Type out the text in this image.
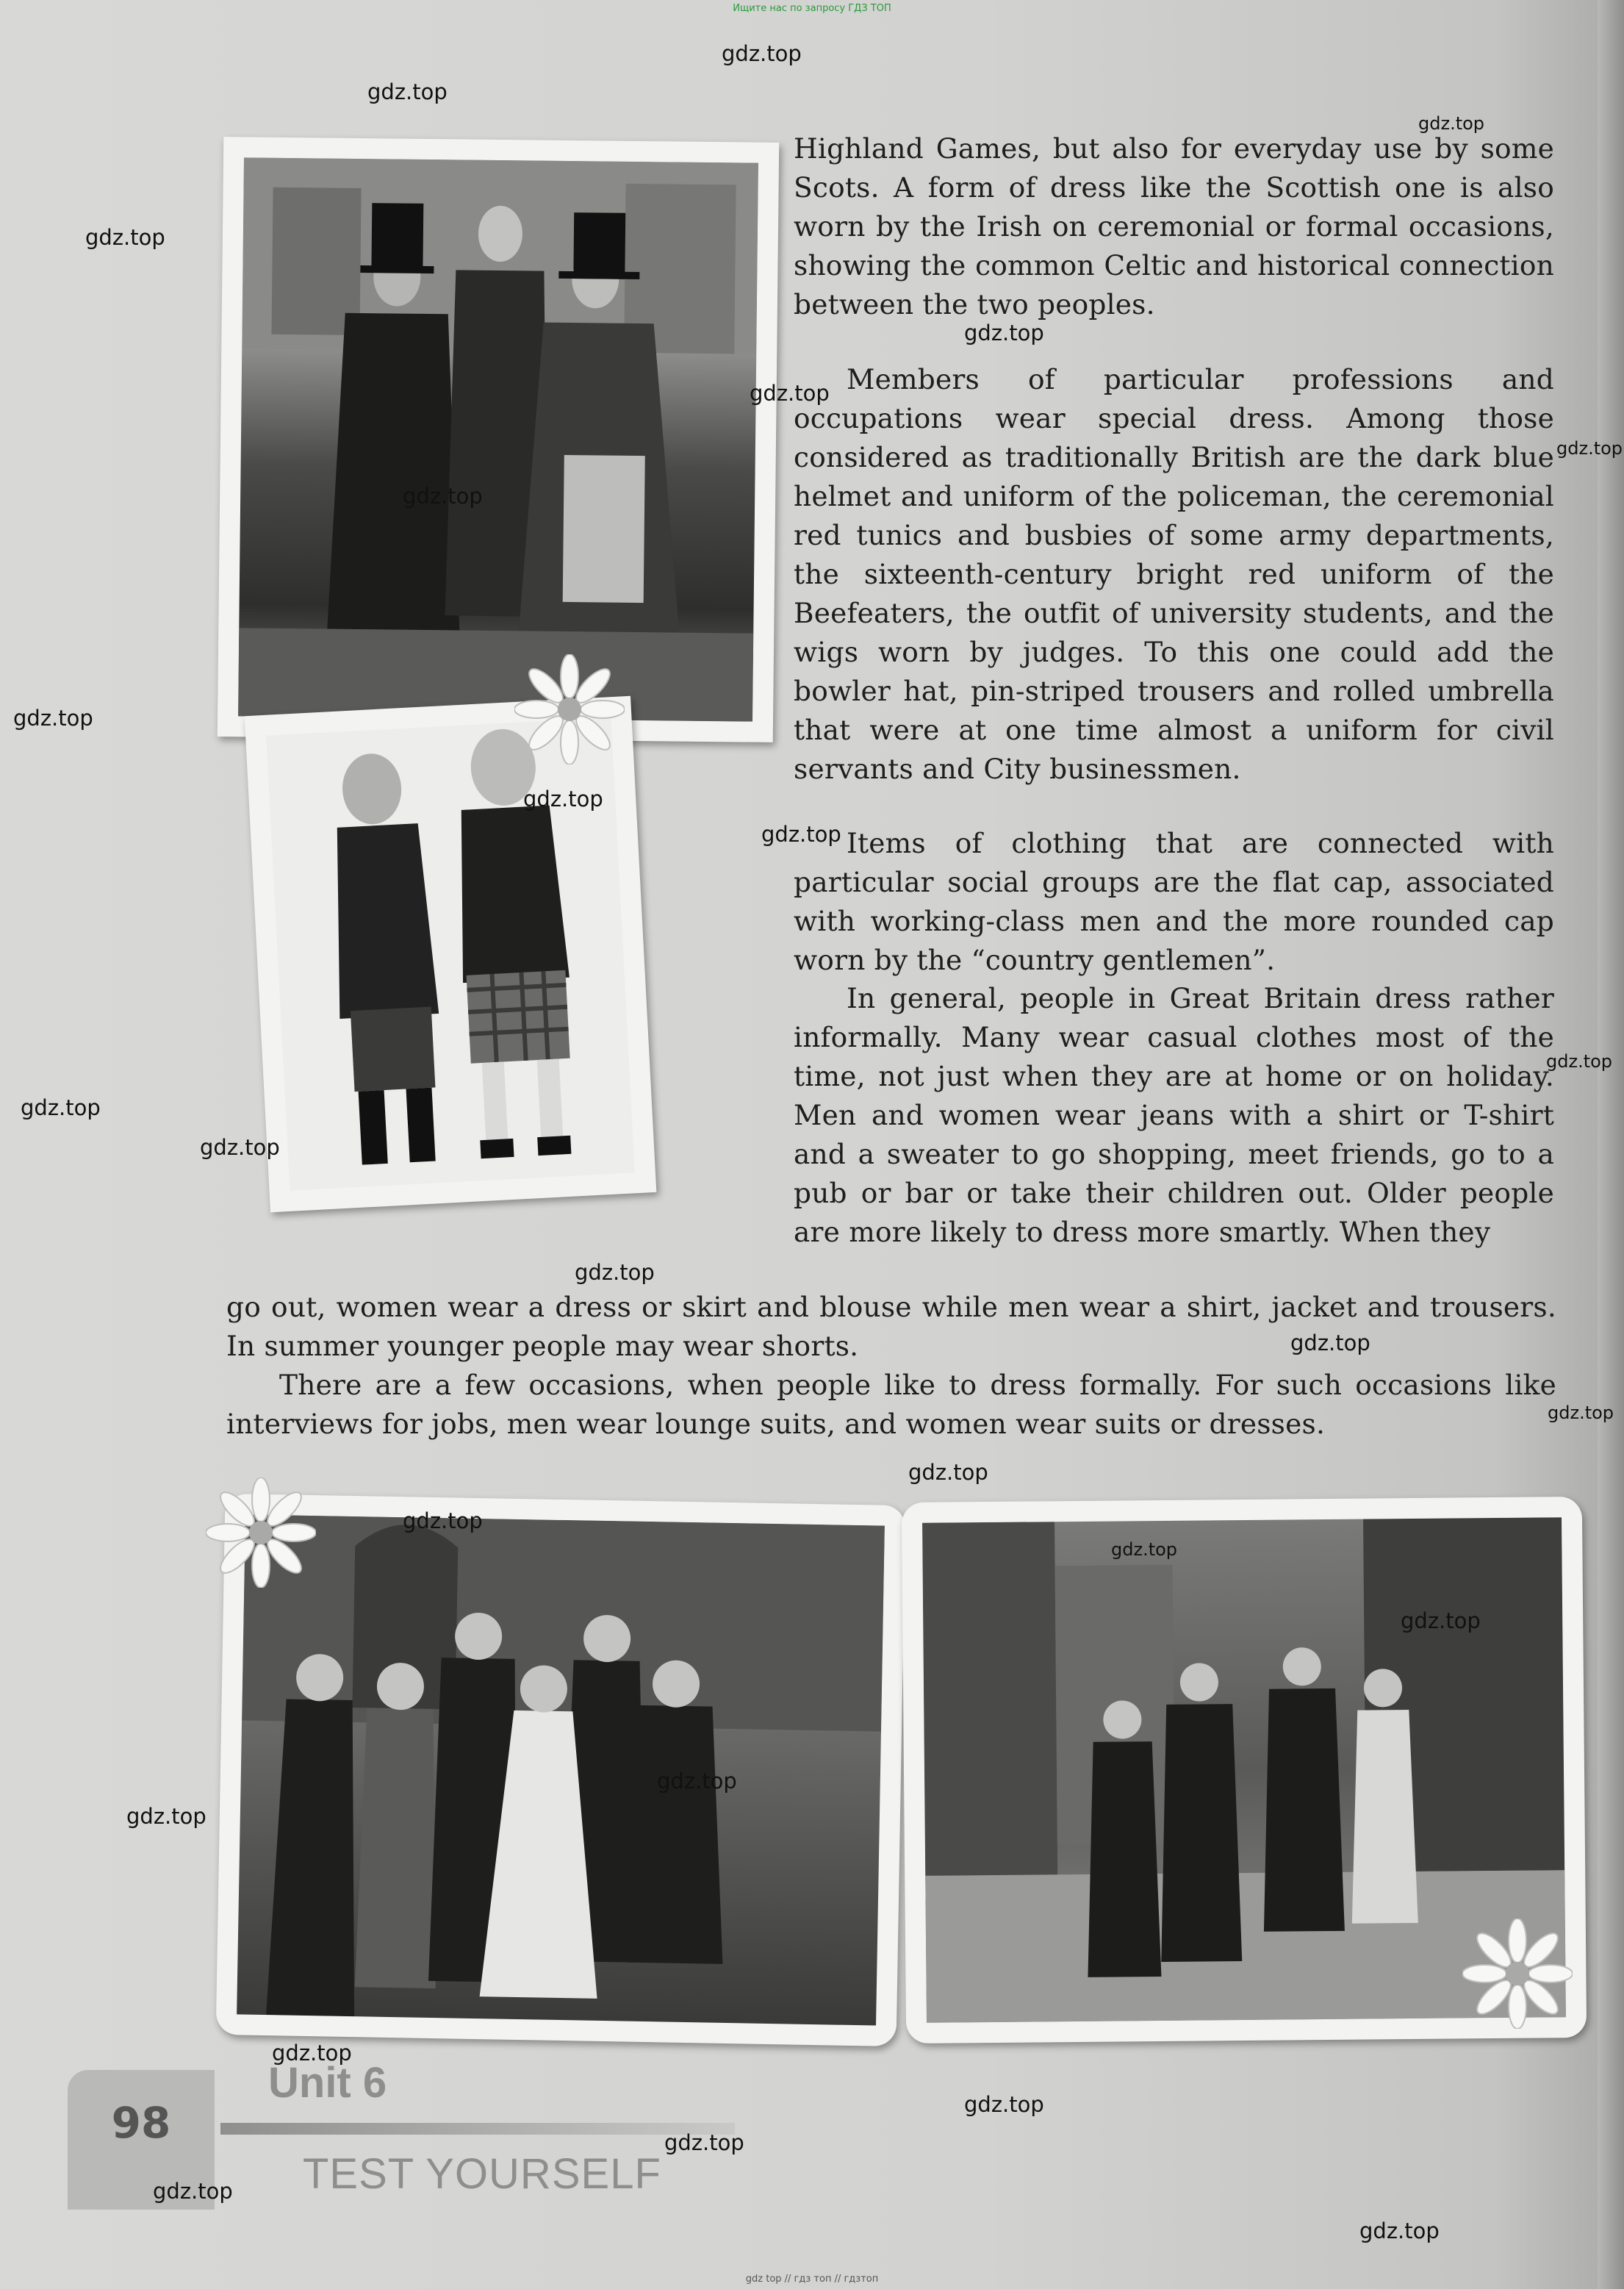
Ищите нас по запросу ГДЗ ТОП

Highland Games, but also for everyday use by some Scots. A form of dress like the Scottish one is also worn by the Irish on ceremonial or formal occasions, showing the common Celtic and historical connection between the two peoples.

Members of particular professions and occupations wear special dress. Among those considered as traditionally British are the dark blue helmet and uniform of the policeman, the ceremonial red tunics and busbies of some army departments, the sixteenth-century bright red uniform of the Beefeaters, the outfit of university students, and the wigs worn by judges. To this one could add the bowler hat, pin-striped trousers and rolled umbrella that were at one time almost a uniform for civil servants and City businessmen.

Items of clothing that are connected with particular social groups are the flat cap, associated with working-class men and the more rounded cap worn by the “country gentlemen”.

In general, people in Great Britain dress rather informally. Many wear casual clothes most of the time, not just when they are at home or on holiday. Men and women wear jeans with a shirt or T-shirt and a sweater to go shopping, meet friends, go to a pub or bar or take their children out. Older people are more likely to dress more smartly. When they

go out, women wear a dress or skirt and blouse while men wear a shirt, jacket and trousers. In summer younger people may wear shorts.

There are a few occasions, when people like to dress formally. For such occasions like interviews for jobs, men wear lounge suits, and women wear suits or dresses.

98
Unit 6
TEST YOURSELF
gdz.top
gdz.top
gdz.top
gdz.top
gdz.top
gdz.top
gdz.top
gdz.top
gdz.top
gdz.top
gdz.top
gdz.top
gdz.top
gdz.top
gdz.top
gdz.top
gdz.top
gdz.top
gdz.top
gdz.top
gdz.top
gdz.top
gdz.top
gdz.top
gdz.top
gdz.top
gdz.top
gdz.top
gdz top // гдз топ // гдзтоп
